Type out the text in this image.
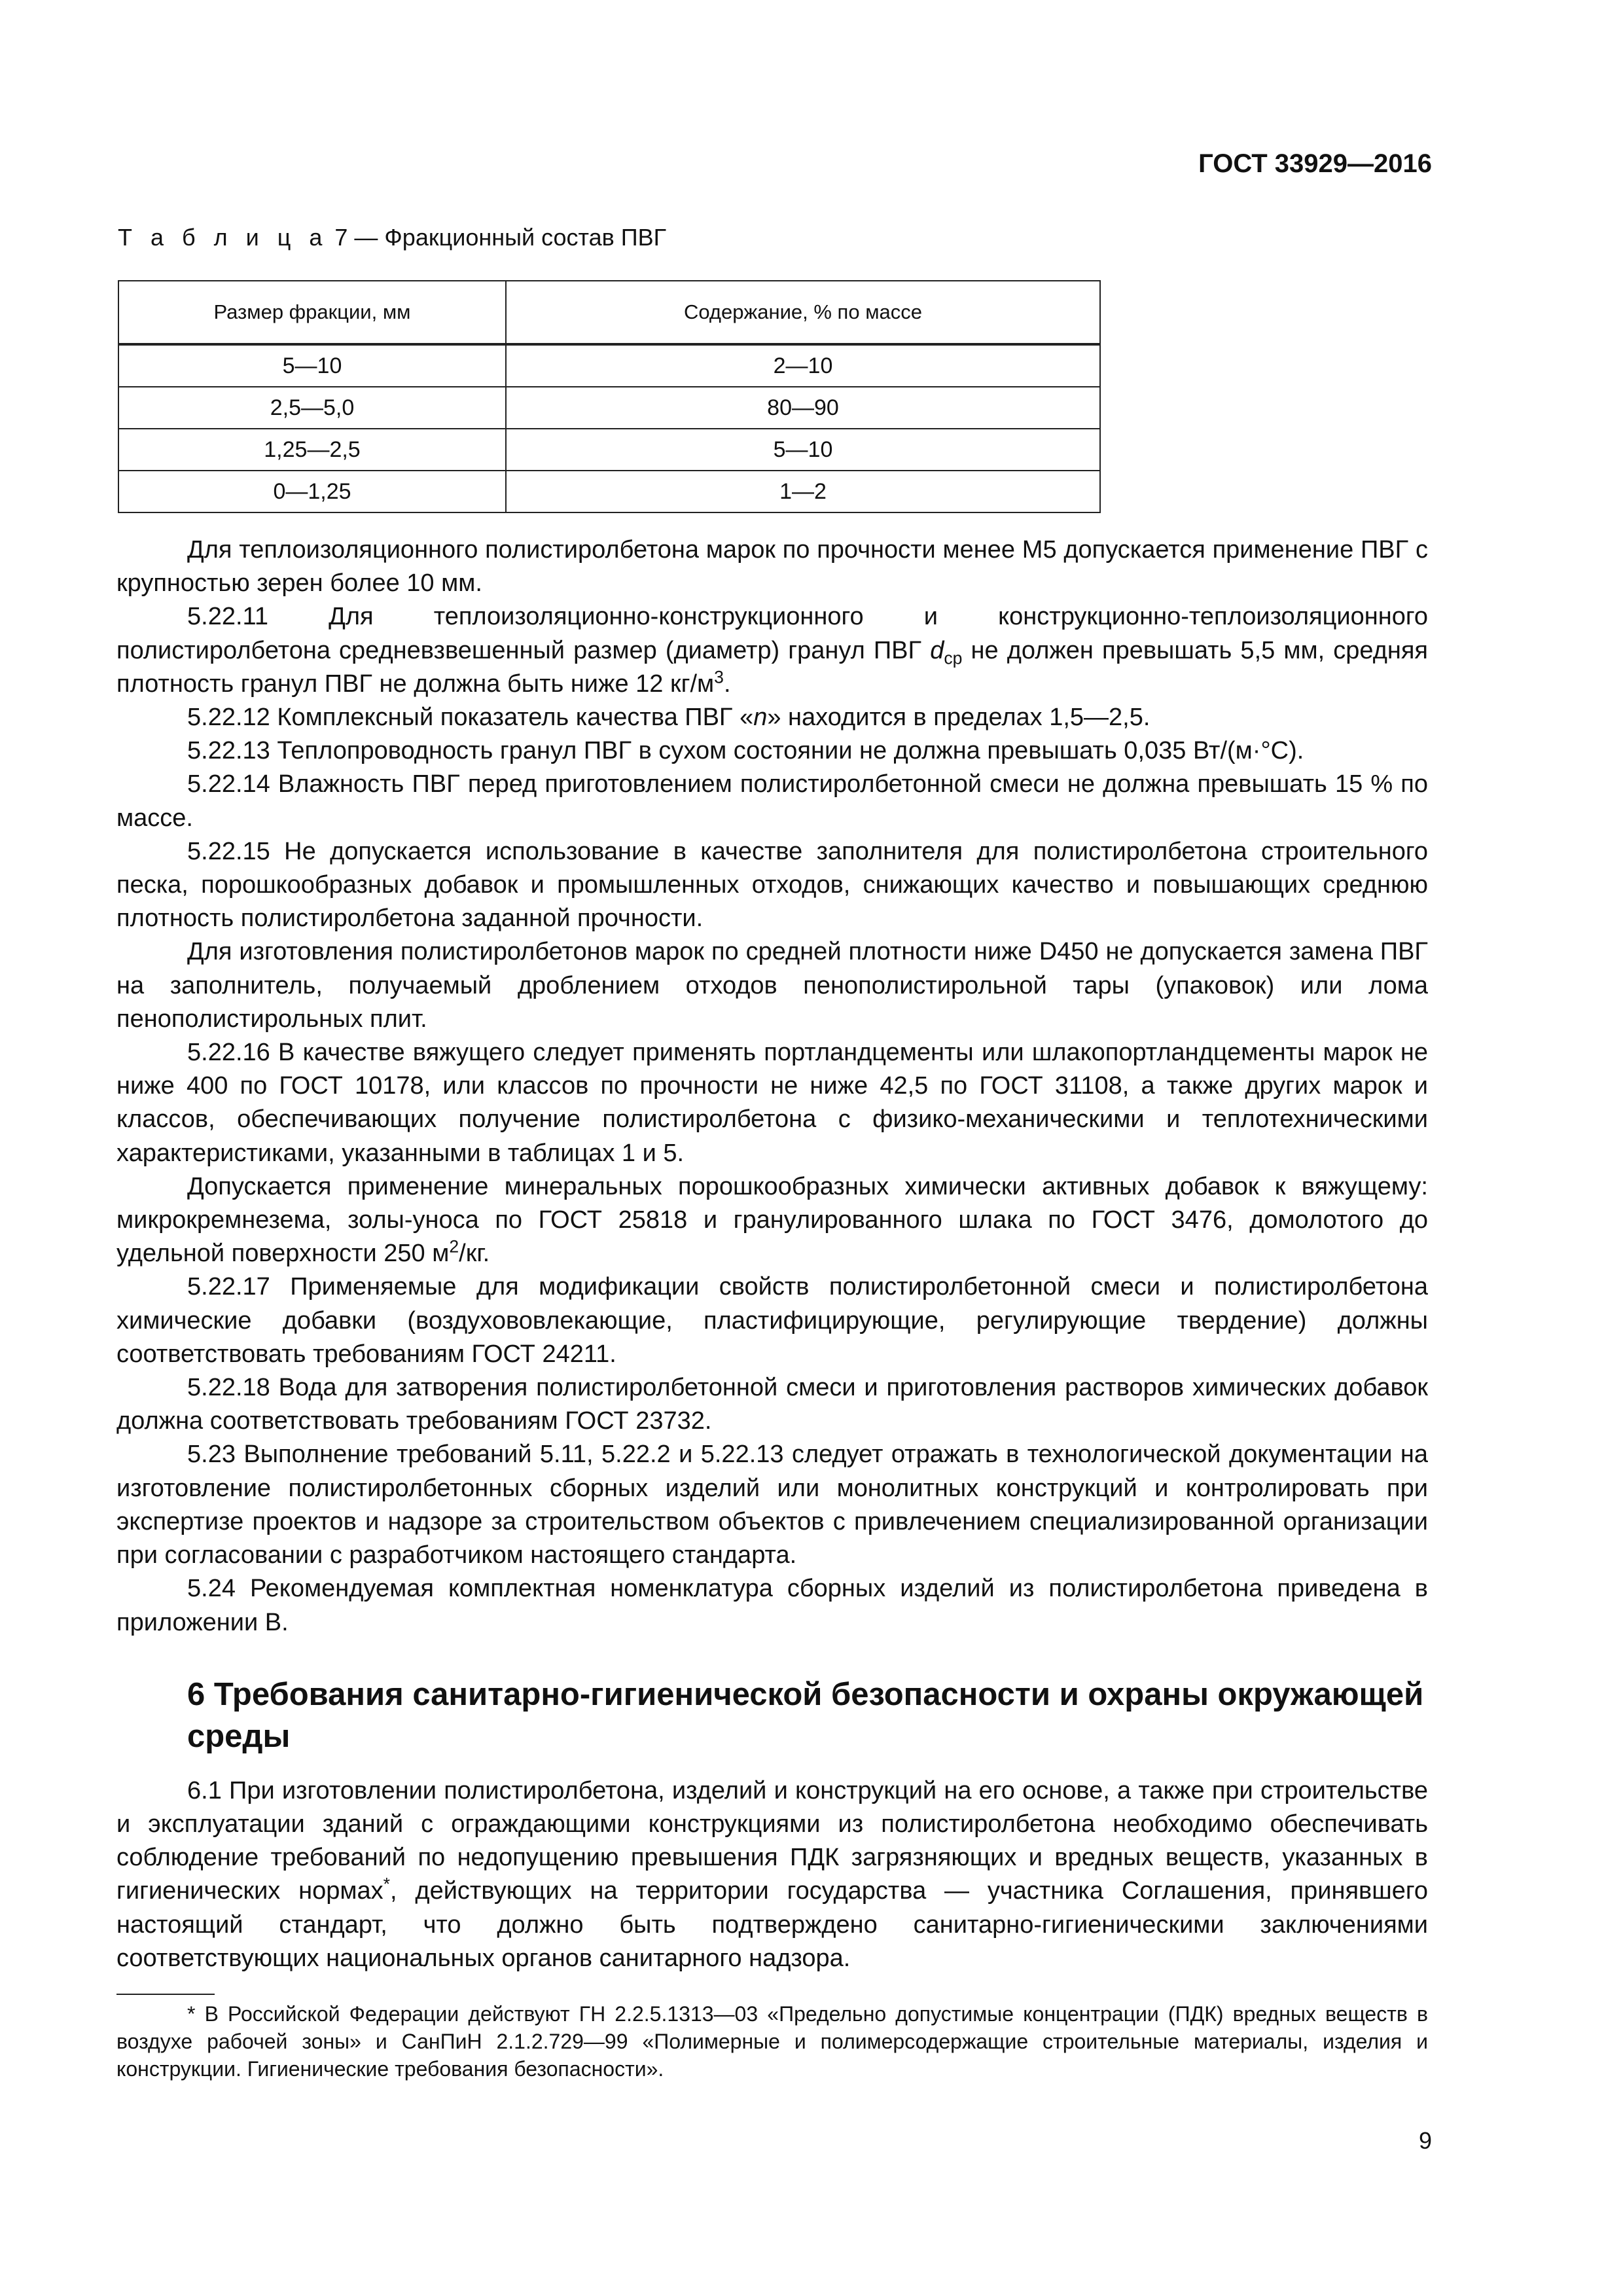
ГОСТ 33929—2016
Т а б л и ц а 7 — Фракционный состав ПВГ
Размер фракции, мм	Содержание, % по массе
5—10	2—10
2,5—5,0	80—90
1,25—2,5	5—10
0—1,25	1—2

Для теплоизоляционного полистиролбетона марок по прочности менее М5 допускается применение ПВГ с крупностью зерен более 10 мм.

5.22.11 Для теплоизоляционно-конструкционного и конструкционно-теплоизоляционного полистиролбетона средневзвешенный размер (диаметр) гранул ПВГ $d_{ср}$ не должен превышать 5,5 мм, средняя плотность гранул ПВГ не должна быть ниже 12 $кг/м^3$.

5.22.12 Комплексный показатель качества ПВГ «n» находится в пределах 1,5—2,5.

5.22.13 Теплопроводность гранул ПВГ в сухом состоянии не должна превышать 0,035 Вт/(м·°С).

5.22.14 Влажность ПВГ перед приготовлением полистиролбетонной смеси не должна превышать 15 % по массе.

5.22.15 Не допускается использование в качестве заполнителя для полистиролбетона строительного песка, порошкообразных добавок и промышленных отходов, снижающих качество и повышающих среднюю плотность полистиролбетона заданной прочности.

Для изготовления полистиролбетонов марок по средней плотности ниже D450 не допускается замена ПВГ на заполнитель, получаемый дроблением отходов пенополистирольной тары (упаковок) или лома пенополистирольных плит.

5.22.16 В качестве вяжущего следует применять портландцементы или шлакопортландцементы марок не ниже 400 по ГОСТ 10178, или классов по прочности не ниже 42,5 по ГОСТ 31108, а также других марок и классов, обеспечивающих получение полистиролбетона с физико-механическими и теплотехническими характеристиками, указанными в таблицах 1 и 5.

Допускается применение минеральных порошкообразных химически активных добавок к вяжущему: микрокремнезема, золы-уноса по ГОСТ 25818 и гранулированного шлака по ГОСТ 3476, домолотого до удельной поверхности 250 $м^2/кг$.

5.22.17 Применяемые для модификации свойств полистиролбетонной смеси и полистиролбетона химические добавки (воздухововлекающие, пластифицирующие, регулирующие твердение) должны соответствовать требованиям ГОСТ 24211.

5.22.18 Вода для затворения полистиролбетонной смеси и приготовления растворов химических добавок должна соответствовать требованиям ГОСТ 23732.

5.23 Выполнение требований 5.11, 5.22.2 и 5.22.13 следует отражать в технологической документации на изготовление полистиролбетонных сборных изделий или монолитных конструкций и контролировать при экспертизе проектов и надзоре за строительством объектов с привлечением специализированной организации при согласовании с разработчиком настоящего стандарта.

5.24 Рекомендуемая комплектная номенклатура сборных изделий из полистиролбетона приведена в приложении В.

6 Требования санитарно-гигиенической безопасности и охраны окружающей среды

6.1 При изготовлении полистиролбетона, изделий и конструкций на его основе, а также при строительстве и эксплуатации зданий с ограждающими конструкциями из полистиролбетона необходимо обеспечивать соблюдение требований по недопущению превышения ПДК загрязняющих и вредных веществ, указанных в гигиенических нормах*, действующих на территории государства — участника Соглашения, принявшего настоящий стандарт, что должно быть подтверждено санитарно-гигиеническими заключениями соответствующих национальных органов санитарного надзора.

* В Российской Федерации действуют ГН 2.2.5.1313—03 «Предельно допустимые концентрации (ПДК) вредных веществ в воздухе рабочей зоны» и СанПиН 2.1.2.729—99 «Полимерные и полимерсодержащие строительные материалы, изделия и конструкции. Гигиенические требования безопасности».

9
